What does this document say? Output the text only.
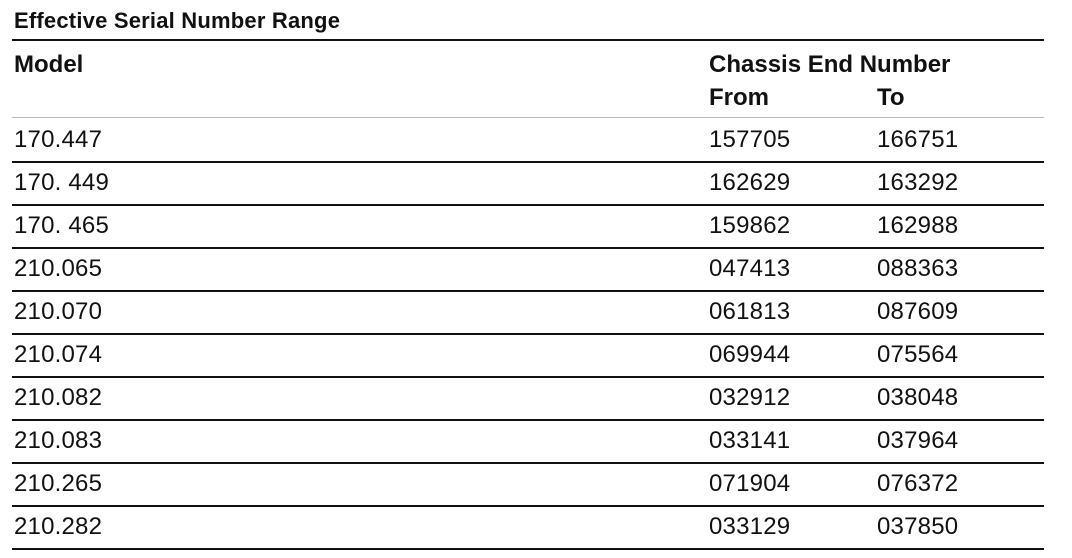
Effective Serial Number Range
Model	Chassis End Number
From	To
170.447	157705	166751
170. 449	162629	163292
170. 465	159862	162988
210.065	047413	088363
210.070	061813	087609
210.074	069944	075564
210.082	032912	038048
210.083	033141	037964
210.265	071904	076372
210.282	033129	037850
